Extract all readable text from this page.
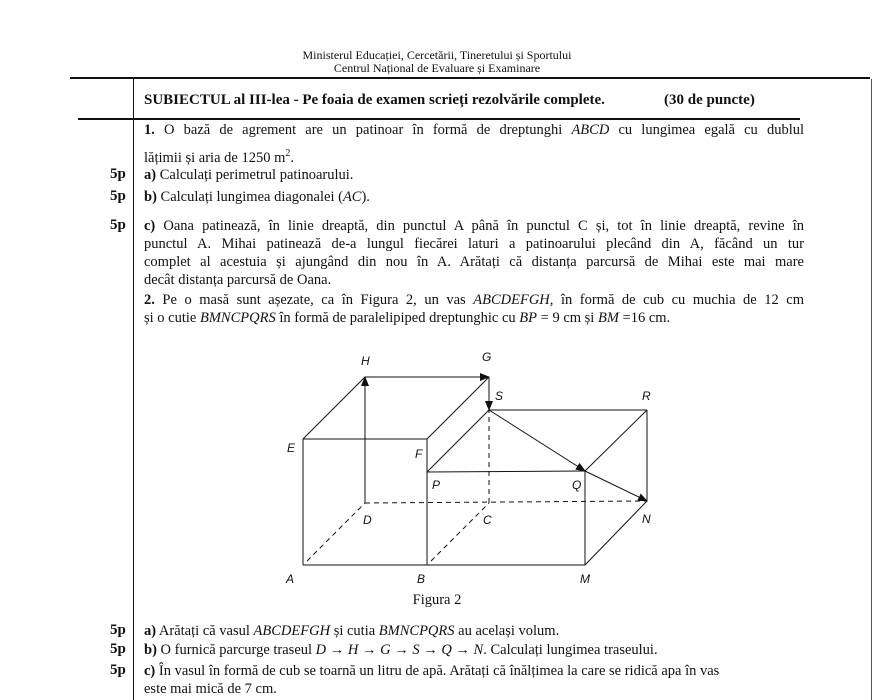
Ministerul Educației, Cercetării, Tineretului și Sportului
Centrul Național de Evaluare și Examinare
SUBIECTUL al III-lea - Pe foaia de examen scrieți rezolvările complete.	(30 de puncte)
1. O bază de agrement are un patinoar în formă de dreptunghi ABCD cu lungimea egală cu dublul
lățimii și aria de 1250 $m^2$.
5p a) Calculați perimetrul patinoarului.
5p b) Calculați lungimea diagonalei (AC).
5p c) Oana patinează, în linie dreaptă, din punctul A până în punctul C și, tot în linie dreaptă, revine în
punctul A. Mihai patinează de-a lungul fiecărei laturi a patinoarului plecând din A, făcând un tur
complet al acestuia și ajungând din nou în A. Arătați că distanța parcursă de Mihai este mai mare
decât distanța parcursă de Oana.
2. Pe o masă sunt așezate, ca în Figura 2, un vas ABCDEFGH, în formă de cub cu muchia de 12 cm
și o cutie BMNCPQRS în formă de paralelipiped dreptunghic cu BP = 9 cm și BM =16 cm.
A	B
C
D
E	F
G
H
M
N
P	Q
R
S
Figura 2
5p a) Arătați că vasul ABCDEFGH și cutia BMNCPQRS au același volum.
5p b) O furnică parcurge traseul D → H → G → S → Q → N. Calculați lungimea traseului.
5p c) În vasul în formă de cub se toarnă un litru de apă. Arătați că înălțimea la care se ridică apa în vas
este mai mică de 7 cm.
